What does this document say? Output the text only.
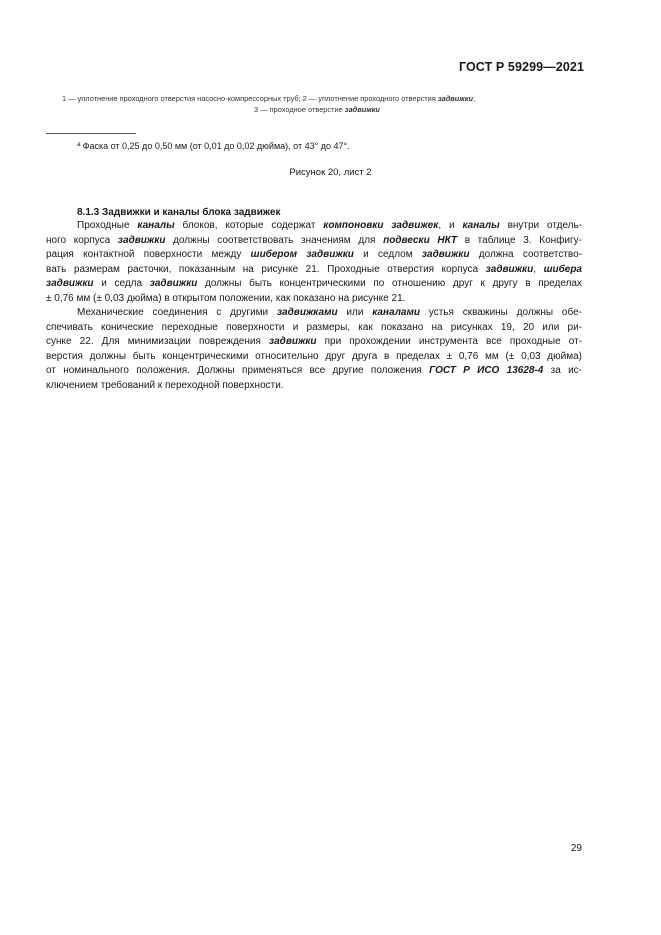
ГОСТ Р 59299—2021
1 — уплотнение проходного отверстия насосно-компрессорных труб; 2 — уплотнение проходного отверстия задвижки;
3 — проходное отверстие задвижки
$^а$ Фаска от 0,25 до 0,50 мм (от 0,01 до 0,02 дюйма), от 43° до 47°.
Рисунок 20, лист 2
8.1.3 Задвижки и каналы блока задвижек
Проходные каналы блоков, которые содержат компоновки задвижек, и каналы внутри отдель-
ного корпуса задвижки должны соответствовать значениям для подвески НКТ в таблице 3. Конфигу-
рация контактной поверхности между шибером задвижки и седлом задвижки должна соответство-
вать размерам расточки, показанным на рисунке 21. Проходные отверстия корпуса задвижки, шибера
задвижки и седла задвижки должны быть концентрическими по отношению друг к другу в пределах
± 0,76 мм (± 0,03 дюйма) в открытом положении, как показано на рисунке 21.
Механические соединения с другими задвижками или каналами устья скважины должны обе-
спечивать конические переходные поверхности и размеры, как показано на рисунках 19, 20 или ри-
сунке 22. Для минимизации повреждения задвижки при прохождении инструмента все проходные от-
верстия должны быть концентрическими относительно друг друга в пределах ± 0,76 мм (± 0,03 дюйма)
от номинального положения. Должны применяться все другие положения ГОСТ Р ИСО 13628-4 за ис-
ключением требований к переходной поверхности.
29
